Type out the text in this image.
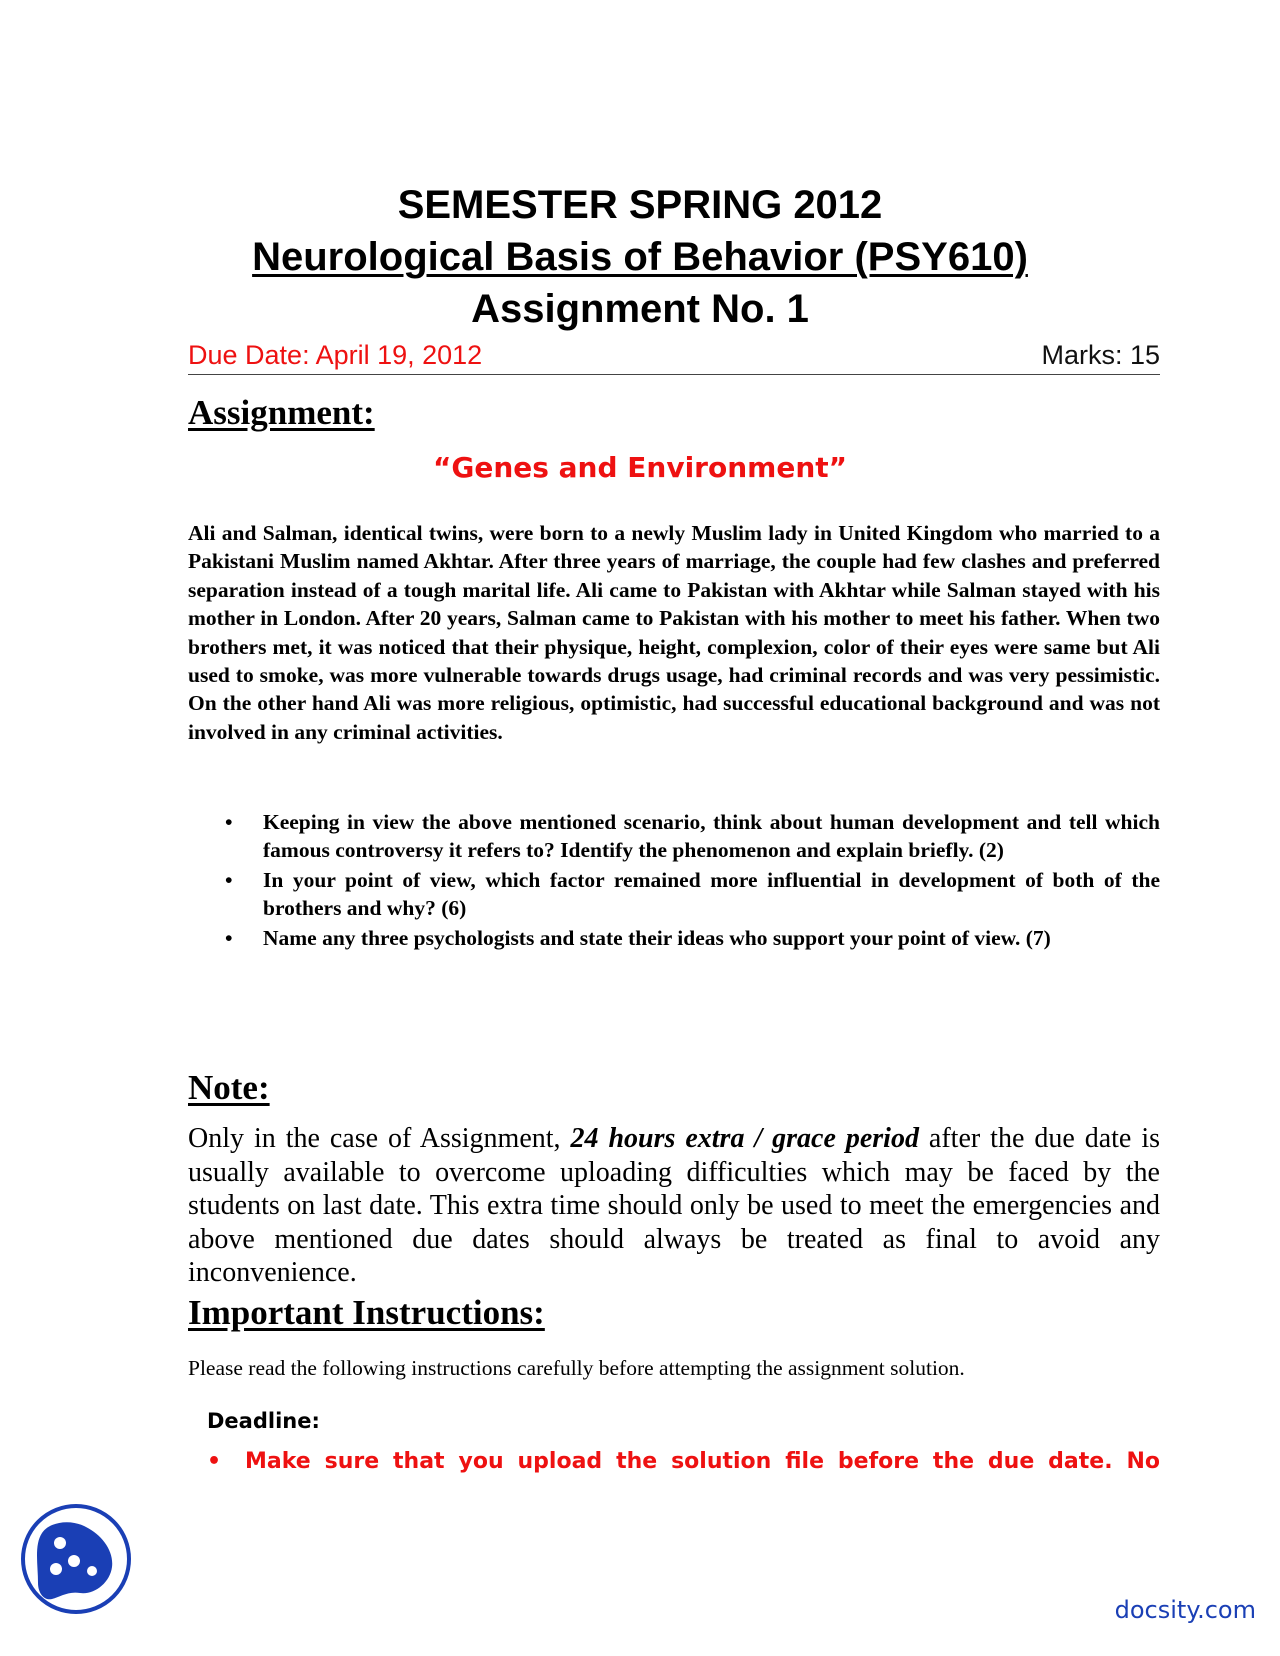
SEMESTER SPRING 2012
Neurological Basis of Behavior (PSY610)
Assignment No. 1
Due Date: April 19, 2012	Marks: 15
Assignment:
“Genes and Environment”
Ali and Salman, identical twins, were born to a newly Muslim lady in United Kingdom who married to a Pakistani Muslim named Akhtar. After three years of marriage, the couple had few clashes and preferred separation instead of a tough marital life. Ali came to Pakistan with Akhtar while Salman stayed with his mother in London. After 20 years, Salman came to Pakistan with his mother to meet his father. When two brothers met, it was noticed that their physique, height, complexion, color of their eyes were same but Ali used to smoke, was more vulnerable towards drugs usage, had criminal records and was very pessimistic. On the other hand Ali was more religious, optimistic, had successful educational background and was not involved in any criminal activities.
• Keeping in view the above mentioned scenario, think about human development and tell which famous controversy it refers to? Identify the phenomenon and explain briefly. (2)
• In your point of view, which factor remained more influential in development of both of the brothers and why? (6)
• Name any three psychologists and state their ideas who support your point of view. (7)
Note:
Only in the case of Assignment, 24 hours extra / grace period after the due date is usually available to overcome uploading difficulties which may be faced by the students on last date. This extra time should only be used to meet the emergencies and above mentioned due dates should always be treated as final to avoid any inconvenience.
Important Instructions:
Please read the following instructions carefully before attempting the assignment solution.
Deadline:
• Make sure that you upload the solution file before the due date. No
docsity.com
